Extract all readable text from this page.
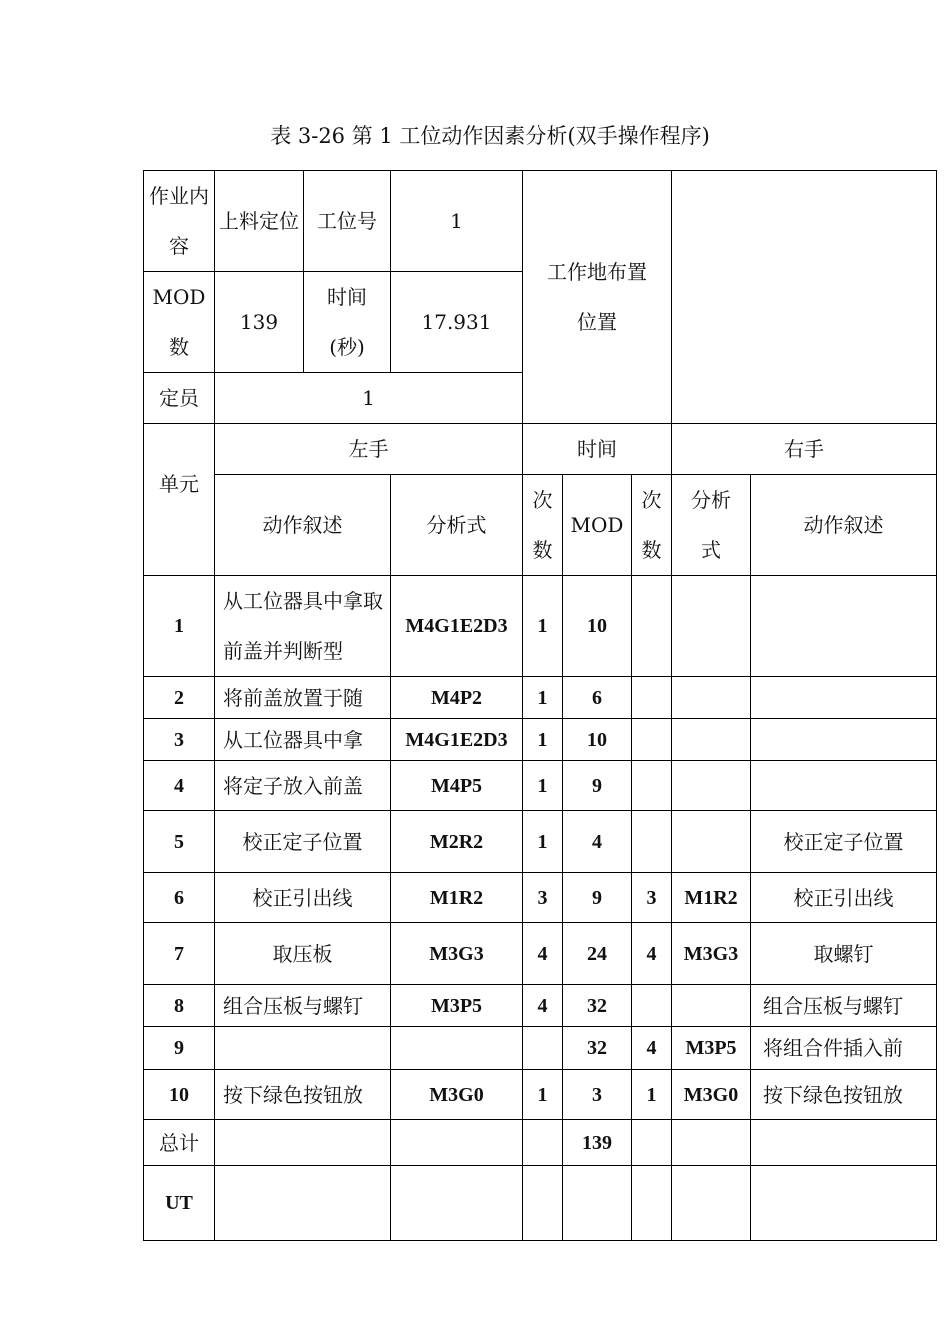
表 3-26 第 1 工位动作因素分析(双手操作程序)
作业内容	上料定位	工位号	1	工作地布置位置				
MOD数	139	时间(秒)	17.931					
定员	1							
单元	左手			时间			右手	
	动作叙述		分析式	次数	MOD	次数	分析式	动作叙述
1	从工位器具中拿取前盖并判断型		M4G1E2D3	1	10			
2	将前盖放置于随		M4P2	1	6			
3	从工位器具中拿		M4G1E2D3	1	10			
4	将定子放入前盖		M4P5	1	9			
5	校正定子位置		M2R2	1	4			校正定子位置
6	校正引出线		M1R2	3	9	3	M1R2	校正引出线
7	取压板		M3G3	4	24	4	M3G3	取螺钉
8	组合压板与螺钉		M3P5	4	32			组合压板与螺钉
9					32	4	M3P5	将组合件插入前
10	按下绿色按钮放		M3G0	1	3	1	M3G0	按下绿色按钮放
总计					139			
UT								
